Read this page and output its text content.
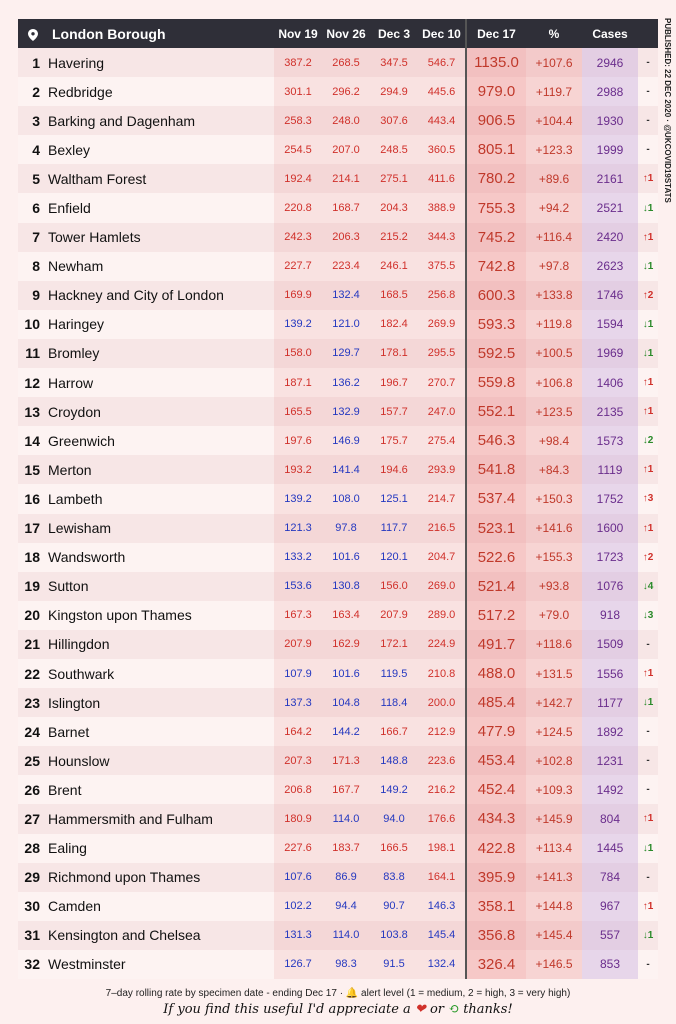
London Borough		Nov 19	Nov 26	Dec 3	Dec 10	Dec 17	%	Cases	
1	Havering	387.2	268.5	347.5	546.7	1135.0	+107.6	2946	-
2	Redbridge	301.1	296.2	294.9	445.6	979.0	+119.7	2988	-
3	Barking and Dagenham	258.3	248.0	307.6	443.4	906.5	+104.4	1930	-
4	Bexley	254.5	207.0	248.5	360.5	805.1	+123.3	1999	-
5	Waltham Forest	192.4	214.1	275.1	411.6	780.2	+89.6	2161	↑1
6	Enfield	220.8	168.7	204.3	388.9	755.3	+94.2	2521	↓1
7	Tower Hamlets	242.3	206.3	215.2	344.3	745.2	+116.4	2420	↑1
8	Newham	227.7	223.4	246.1	375.5	742.8	+97.8	2623	↓1
9	Hackney and City of London	169.9	132.4	168.5	256.8	600.3	+133.8	1746	↑2
10	Haringey	139.2	121.0	182.4	269.9	593.3	+119.8	1594	↓1
11	Bromley	158.0	129.7	178.1	295.5	592.5	+100.5	1969	↓1
12	Harrow	187.1	136.2	196.7	270.7	559.8	+106.8	1406	↑1
13	Croydon	165.5	132.9	157.7	247.0	552.1	+123.5	2135	↑1
14	Greenwich	197.6	146.9	175.7	275.4	546.3	+98.4	1573	↓2
15	Merton	193.2	141.4	194.6	293.9	541.8	+84.3	1119	↑1
16	Lambeth	139.2	108.0	125.1	214.7	537.4	+150.3	1752	↑3
17	Lewisham	121.3	97.8	117.7	216.5	523.1	+141.6	1600	↑1
18	Wandsworth	133.2	101.6	120.1	204.7	522.6	+155.3	1723	↑2
19	Sutton	153.6	130.8	156.0	269.0	521.4	+93.8	1076	↓4
20	Kingston upon Thames	167.3	163.4	207.9	289.0	517.2	+79.0	918	↓3
21	Hillingdon	207.9	162.9	172.1	224.9	491.7	+118.6	1509	-
22	Southwark	107.9	101.6	119.5	210.8	488.0	+131.5	1556	↑1
23	Islington	137.3	104.8	118.4	200.0	485.4	+142.7	1177	↓1
24	Barnet	164.2	144.2	166.7	212.9	477.9	+124.5	1892	-
25	Hounslow	207.3	171.3	148.8	223.6	453.4	+102.8	1231	-
26	Brent	206.8	167.7	149.2	216.2	452.4	+109.3	1492	-
27	Hammersmith and Fulham	180.9	114.0	94.0	176.6	434.3	+145.9	804	↑1
28	Ealing	227.6	183.7	166.5	198.1	422.8	+113.4	1445	↓1
29	Richmond upon Thames	107.6	86.9	83.8	164.1	395.9	+141.3	784	-
30	Camden	102.2	94.4	90.7	146.3	358.1	+144.8	967	↑1
31	Kensington and Chelsea	131.3	114.0	103.8	145.4	356.8	+145.4	557	↓1
32	Westminster	126.7	98.3	91.5	132.4	326.4	+146.5	853	-
PUBLISHED: 22 DEC 2020 · @UKCOVID19STATS
7–day rolling rate by specimen date - ending Dec 17 · 🔔 alert level (1 = medium, 2 = high, 3 = very high)
If you find this useful I'd appreciate a ❤ or ⟲ thanks!
